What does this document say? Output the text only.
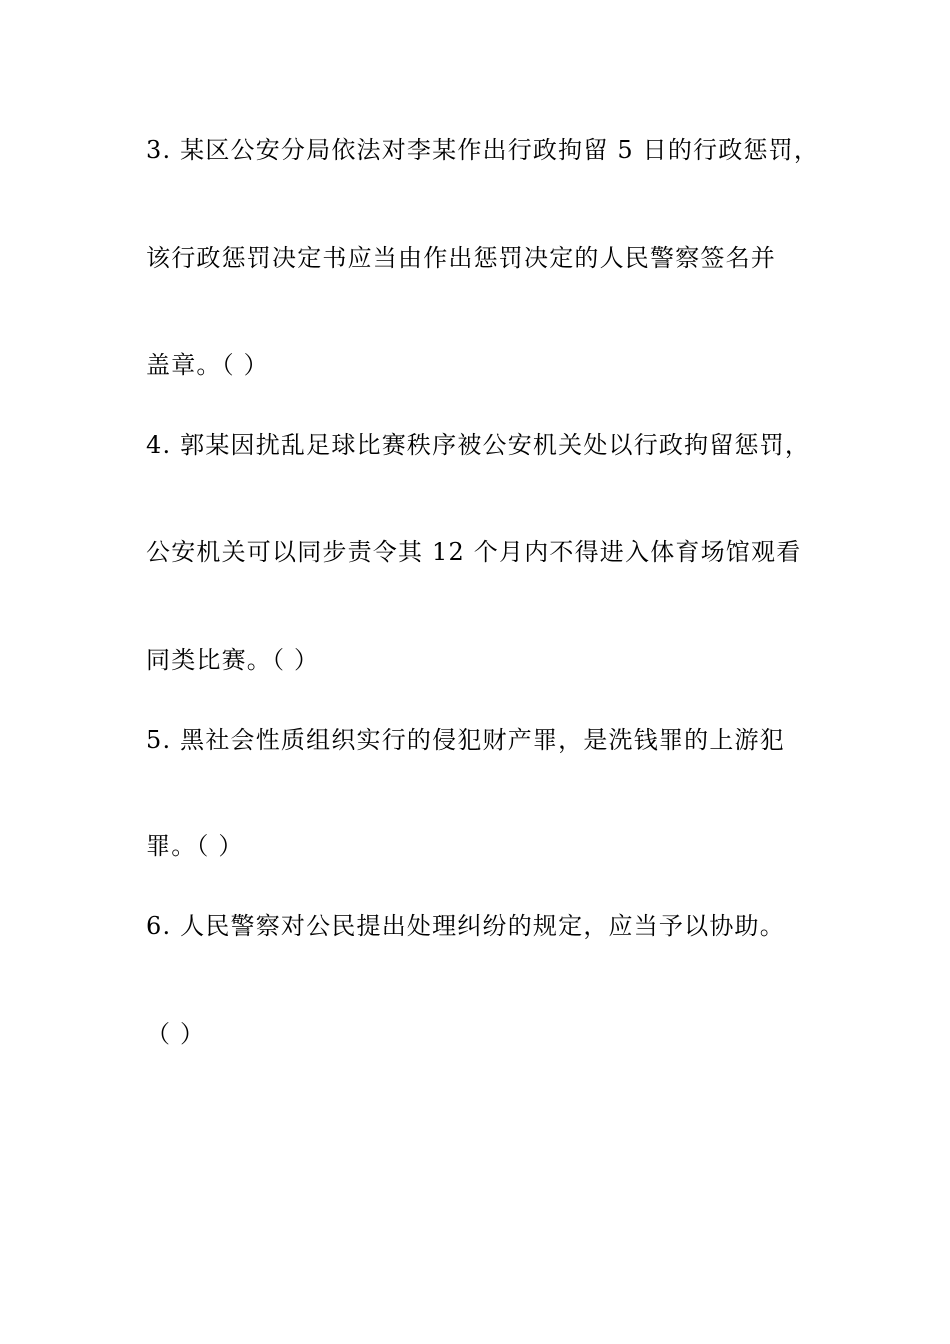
3. 某区公安分局依法对李某作出行政拘留 5 日的行政惩罚，
该行政惩罚决定书应当由作出惩罚决定的人民警察签名并
盖章。（ ）
4. 郭某因扰乱足球比赛秩序被公安机关处以行政拘留惩罚，
公安机关可以同步责令其 12 个月内不得进入体育场馆观看
同类比赛。（ ）
5. 黑社会性质组织实行的侵犯财产罪，是洗钱罪的上游犯
罪。（ ）
6. 人民警察对公民提出处理纠纷的规定，应当予以协助。
（ ）
